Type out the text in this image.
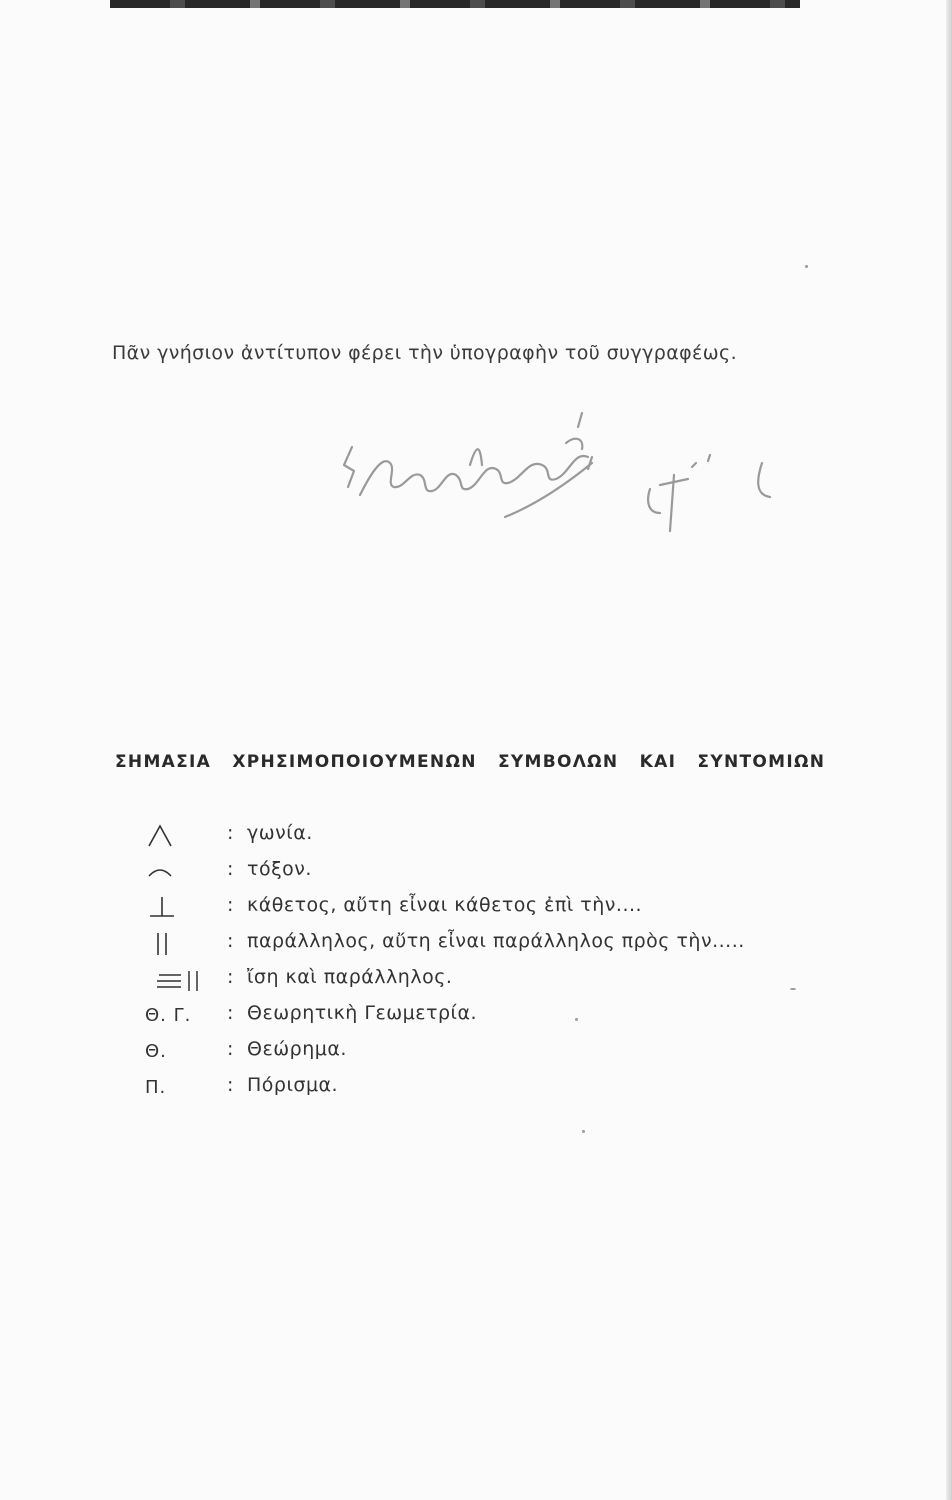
Πᾶν γνήσιον ἀντίτυπον φέρει τὴν ὑπογραφὴν τοῦ συγγραφέως.
ΣΗΜΑΣΙΑ ΧΡΗΣΙΜΟΠΟΙΟΥΜΕΝΩΝ ΣΥΜΒΟΛΩΝ ΚΑΙ ΣΥΝΤΟΜΙΩΝ
: γωνία.
: τόξον.
: κάθετος, αὔτη εἶναι κάθετος ἐπὶ τὴν....
: παράλληλος, αὔτη εἶναι παράλληλος πρὸς τὴν.....
: ἴση καὶ παράλληλος.
Θ. Γ. : Θεωρητικὴ Γεωμετρία.
Θ.	: Θεώρημα.
Π.	: Πόρισμα.
